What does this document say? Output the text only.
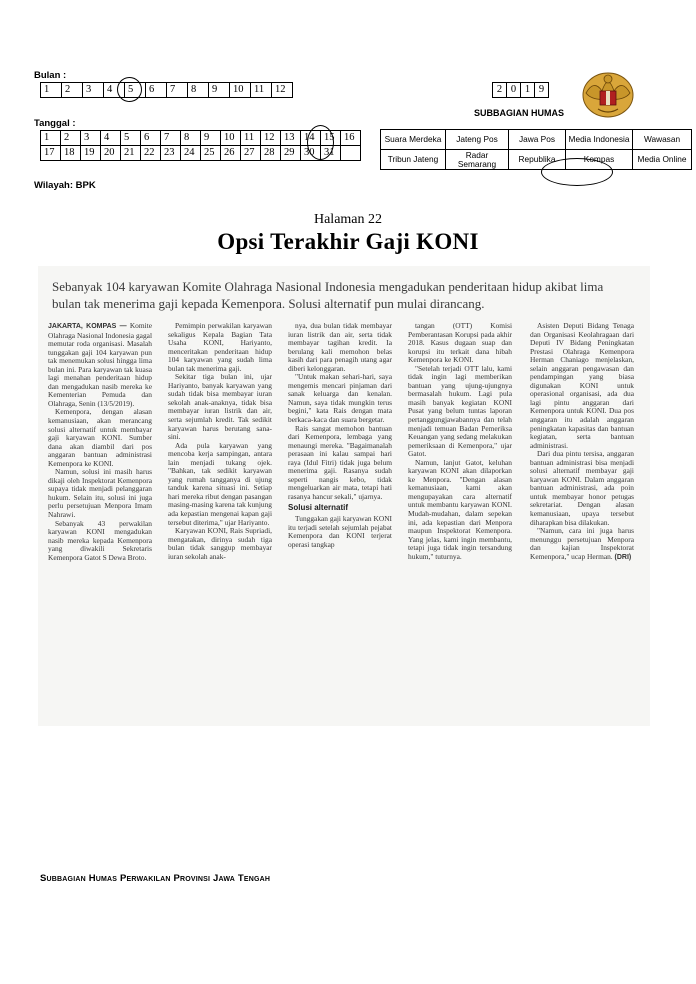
Bulan :
1	2	3	4	5	6	7	8	9	10	11	12
Tanggal :
1	2	3	4	5	6	7	8	9	10	11	12	13	14	15	16
17	18	19	20	21	22	23	24	25	26	27	28	29	30	31	
Wilayah: BPK
2	0	1	9
SUBBAGIAN HUMAS
Suara Merdeka	Jateng Pos	Jawa Pos	Media Indonesia	Wawasan
Tribun Jateng	Radar Semarang	Republika	Kompas	Media Online
Halaman 22
Opsi Terakhir Gaji KONI
Sebanyak 104 karyawan Komite Olahraga Nasional Indonesia mengadukan penderitaan hidup akibat lima bulan tak menerima gaji kepada Kemenpora. Solusi alternatif pun mulai dirancang.

JAKARTA, KOMPAS — Komite Olahraga Nasional Indonesia gagal memutar roda organisasi. Masalah tunggakan gaji 104 karyawan pun tak menemukan solusi hingga lima bulan ini. Para karyawan tak kuasa lagi menahan penderitaan hidup dan mengadukan nasib mereka ke Kementerian Pemuda dan Olahraga, Senin (13/5/2019).

Kemenpora, dengan alasan kemanusiaan, akan merancang solusi alternatif untuk membayar gaji karyawan KONI. Sumber dana akan diambil dari pos anggaran bantuan administrasi Kemenpora ke KONI.

Namun, solusi ini masih harus dikaji oleh Inspektorat Kemenpora supaya tidak menjadi pelanggaran hukum. Selain itu, solusi ini juga perlu persetujuan Menpora Imam Nahrawi.

Sebanyak 43 perwakilan karyawan KONI mengadukan nasib mereka kepada Kemenpora yang diwakili Sekretaris Kemenpora Gatot S Dewa Broto.

Pemimpin perwakilan karyawan sekaligus Kepala Bagian Tata Usaha KONI, Hariyanto, menceritakan penderitaan hidup 104 karyawan yang sudah lima bulan tak menerima gaji.

Sekitar tiga bulan ini, ujar Hariyanto, banyak karyawan yang sudah tidak bisa membayar iuran sekolah anak-anaknya, tidak bisa membayar iuran listrik dan air, serta sejumlah kredit. Tak sedikit karyawan harus berutang sana-sini.

Ada pula karyawan yang mencoba kerja sampingan, antara lain menjadi tukang ojek. "Bahkan, tak sedikit karyawan yang rumah tangganya di ujung tanduk karena situasi ini. Setiap hari mereka ribut dengan pasangan masing-masing karena tak kunjung ada kepastian mengenai kapan gaji tersebut diterima," ujar Hariyanto.

Karyawan KONI, Rais Supriadi, mengatakan, dirinya sudah tiga bulan tidak sanggup membayar iuran sekolah anak-

nya, dua bulan tidak membayar iuran listrik dan air, serta tidak membayar tagihan kredit. Ia berulang kali memohon belas kasih dari para penagih utang agar diberi kelonggaran.

"Untuk makan sehari-hari, saya mengemis mencari pinjaman dari sanak keluarga dan kenalan. Namun, saya tidak mungkin terus begini," kata Rais dengan mata berkaca-kaca dan suara bergetar.

Rais sangat memohon bantuan dari Kemenpora, lembaga yang menaungi mereka. "Bagaimanalah perasaan ini kalau sampai hari raya (Idul Fitri) tidak juga belum menerima gaji. Rasanya sudah seperti nangis kebo, tidak mengeluarkan air mata, tetapi hati rasanya hancur sekali," ujarnya.

Solusi alternatif

Tunggakan gaji karyawan KONI itu terjadi setelah sejumlah pejabat Kemenpora dan KONI terjerat operasi tangkap

tangan (OTT) Komisi Pemberantasan Korupsi pada akhir 2018. Kasus dugaan suap dan korupsi itu terkait dana hibah Kemenpora ke KONI.

"Setelah terjadi OTT lalu, kami tidak ingin lagi memberikan bantuan yang ujung-ujungnya bermasalah hukum. Lagi pula masih banyak kegiatan KONI Pusat yang belum tuntas laporan pertanggungjawabannya dan telah menjadi temuan Badan Pemeriksa Keuangan yang sedang melakukan pemeriksaan di Kemenpora," ujar Gatot.

Namun, lanjut Gatot, keluhan karyawan KONI akan dilaporkan ke Menpora. "Dengan alasan kemanusiaan, kami akan mengupayakan cara alternatif untuk membantu karyawan KONI. Mudah-mudahan, dalam sepekan ini, ada kepastian dari Menpora maupun Inspektorat Kemenpora. Yang jelas, kami ingin membantu, tetapi juga tidak ingin tersandung hukum," tuturnya.

Asisten Deputi Bidang Tenaga dan Organisasi Keolahragaan dari Deputi IV Bidang Peningkatan Prestasi Olahraga Kemenpora Herman Chaniago menjelaskan, selain anggaran pengawasan dan pendampingan yang biasa digunakan KONI untuk operasional organisasi, ada dua lagi pintu anggaran dari Kemenpora untuk KONI. Dua pos anggaran itu adalah anggaran peningkatan kapasitas dan bantuan kegiatan, serta bantuan administrasi.

Dari dua pintu tersisa, anggaran bantuan administrasi bisa menjadi solusi alternatif membayar gaji karyawan KONI. Dalam anggaran bantuan administrasi, ada poin untuk membayar honor petugas sekretariat. Dengan alasan kemanusiaan, upaya tersebut diharapkan bisa dilakukan.

"Namun, cara ini juga harus menunggu persetujuan Menpora dan kajian Inspektorat Kemenpora," ucap Herman. (DRI)

Subbagian Humas Perwakilan Provinsi Jawa Tengah
